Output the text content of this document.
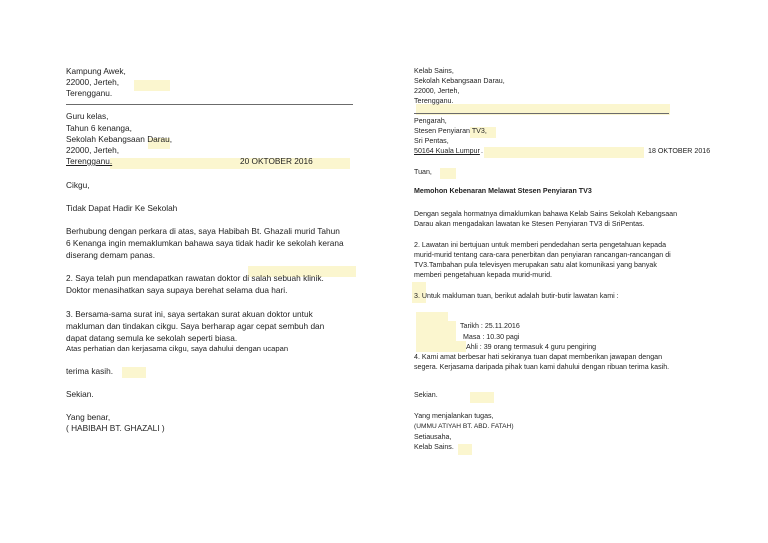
Kampung Awek,
22000, Jerteh,
Terengganu.
Guru kelas,
Tahun 6 kenanga,
Sekolah Kebangsaan Darau,
22000, Jerteh,
Terengganu.	20 OKTOBER 2016
Cikgu,
Tidak Dapat Hadir Ke Sekolah
Berhubung dengan perkara di atas, saya Habibah Bt. Ghazali murid Tahun
6 Kenanga ingin memaklumkan bahawa saya tidak hadir ke sekolah kerana
diserang demam panas.
2. Saya telah pun mendapatkan rawatan doktor di salah sebuah klinik.
Doktor menasihatkan saya supaya berehat selama dua hari.
3. Bersama-sama surat ini, saya sertakan surat akuan doktor untuk
makluman dan tindakan cikgu. Saya berharap agar cepat sembuh dan
dapat datang semula ke sekolah seperti biasa.
Atas perhatian dan kerjasama cikgu, saya dahului dengan ucapan
terima kasih.
Sekian.
Yang benar,
( HABIBAH BT. GHAZALI )
Kelab Sains,
Sekolah Kebangsaan Darau,
22000, Jerteh,
Terengganu.
Pengarah,
Stesen Penyiaran TV3,
Sri Pentas,
50164 Kuala Lumpur .	18 OKTOBER 2016
Tuan,
Memohon Kebenaran Melawat Stesen Penyiaran TV3
Dengan segala hormatnya dimaklumkan bahawa Kelab Sains Sekolah Kebangsaan
Darau akan mengadakan lawatan ke Stesen Penyiaran TV3 di SriPentas.
2. Lawatan ini bertujuan untuk memberi pendedahan serta pengetahuan kepada
murid-murid tentang cara-cara penerbitan dan penyiaran rancangan-rancangan di
TV3.Tambahan pula televisyen merupakan satu alat komunikasi yang banyak
memberi pengetahuan kepada murid-murid.
3. Untuk makluman tuan, berikut adalah butir-butir lawatan kami :
Tarikh : 25.11.2016
Masa : 10.30 pagi
Ahli : 39 orang termasuk 4 guru pengiring
4. Kami amat berbesar hati sekiranya tuan dapat memberikan jawapan dengan
segera. Kerjasama daripada pihak tuan kami dahului dengan ribuan terima kasih.
Sekian.
Yang menjalankan tugas,
(UMMU ATIYAH BT. ABD. FATAH)
Setiausaha,
Kelab Sains.
